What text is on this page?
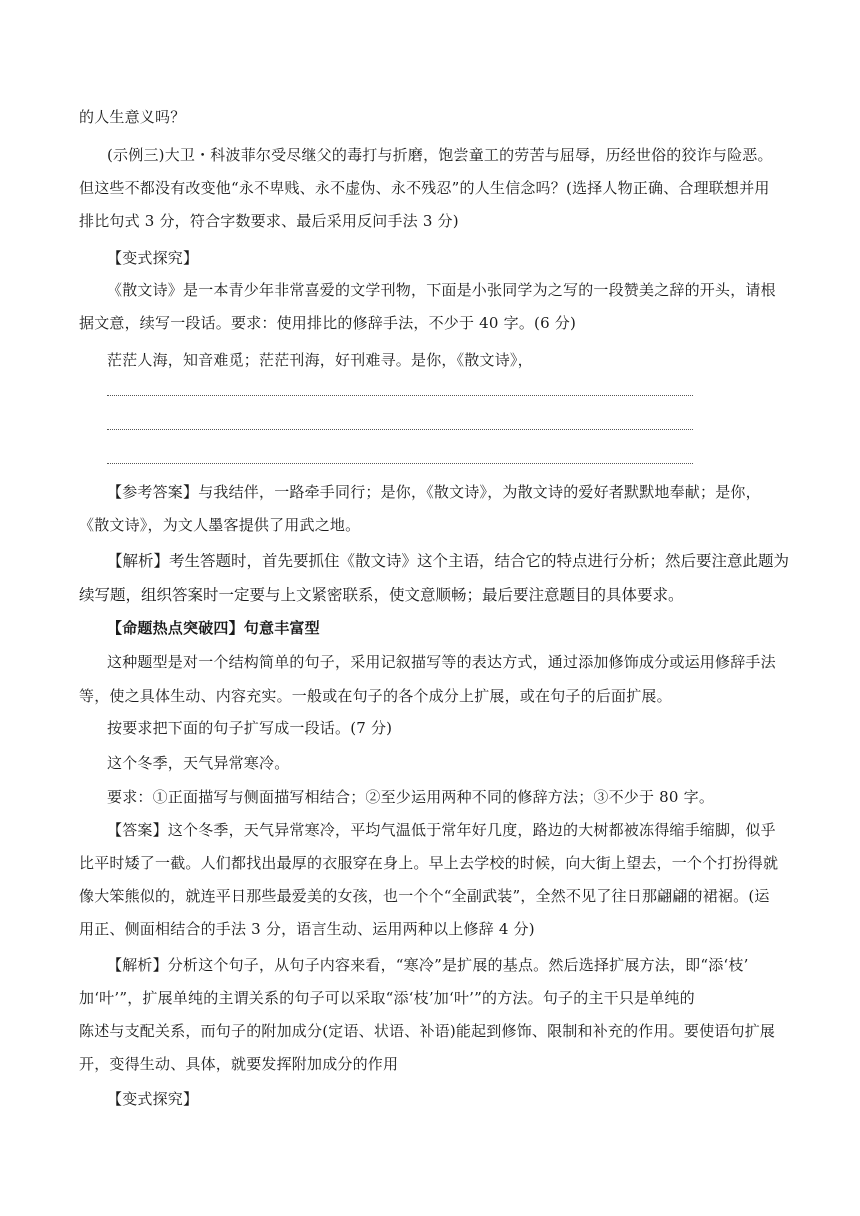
的人生意义吗？
(示例三)大卫・科波菲尔受尽继父的毒打与折磨，饱尝童工的劳苦与屈辱，历经世俗的狡诈与险恶。
但这些不都没有改变他“永不卑贱、永不虚伪、永不残忍”的人生信念吗？(选择人物正确、合理联想并用
排比句式 3 分，符合字数要求、最后采用反问手法 3 分)
【变式探究】
《散文诗》是一本青少年非常喜爱的文学刊物，下面是小张同学为之写的一段赞美之辞的开头，请根
据文意，续写一段话。要求：使用排比的修辞手法，不少于 40 字。(6 分)
茫茫人海，知音难觅；茫茫刊海，好刊难寻。是你，《散文诗》，
【参考答案】与我结伴，一路牵手同行；是你，《散文诗》，为散文诗的爱好者默默地奉献；是你，
《散文诗》，为文人墨客提供了用武之地。
【解析】考生答题时，首先要抓住《散文诗》这个主语，结合它的特点进行分析；然后要注意此题为
续写题，组织答案时一定要与上文紧密联系，使文意顺畅；最后要注意题目的具体要求。
【命题热点突破四】句意丰富型
这种题型是对一个结构简单的句子，采用记叙描写等的表达方式，通过添加修饰成分或运用修辞手法
等，使之具体生动、内容充实。一般或在句子的各个成分上扩展，或在句子的后面扩展。
按要求把下面的句子扩写成一段话。(7 分)
这个冬季，天气异常寒冷。
要求：①正面描写与侧面描写相结合；②至少运用两种不同的修辞方法；③不少于 80 字。
【答案】这个冬季，天气异常寒冷，平均气温低于常年好几度，路边的大树都被冻得缩手缩脚，似乎
比平时矮了一截。人们都找出最厚的衣服穿在身上。早上去学校的时候，向大街上望去，一个个打扮得就
像大笨熊似的，就连平日那些最爱美的女孩，也一个个“全副武装”，全然不见了往日那翩翩的裙裾。(运
用正、侧面相结合的手法 3 分，语言生动、运用两种以上修辞 4 分)
【解析】分析这个句子，从句子内容来看，“寒冷”是扩展的基点。然后选择扩展方法，即“添‘枝’
加‘叶’”，扩展单纯的主谓关系的句子可以采取“添‘枝’加‘叶’”的方法。句子的主干只是单纯的
陈述与支配关系，而句子的附加成分(定语、状语、补语)能起到修饰、限制和补充的作用。要使语句扩展
开，变得生动、具体，就要发挥附加成分的作用
【变式探究】
